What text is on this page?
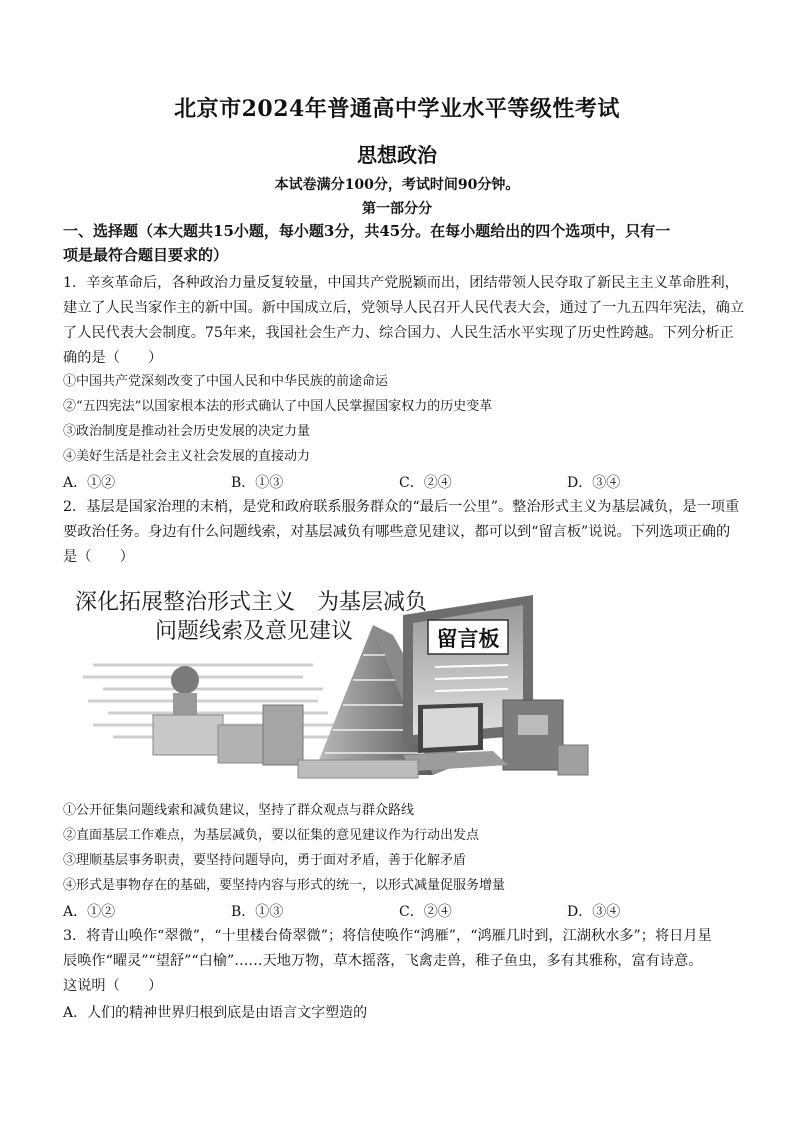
北京市2024年普通高中学业水平等级性考试
思想政治
本试卷满分100分，考试时间90分钟。
第一部分分
一、选择题（本大题共15小题，每小题3分，共45分。在每小题给出的四个选项中，只有一
项是最符合题目要求的）
1．辛亥革命后，各种政治力量反复较量，中国共产党脱颖而出，团结带领人民夺取了新民主主义革命胜利，
建立了人民当家作主的新中国。新中国成立后，党领导人民召开人民代表大会，通过了一九五四年宪法，确立
了人民代表大会制度。75年来，我国社会生产力、综合国力、人民生活水平实现了历史性跨越。下列分析正
确的是（　　）
①中国共产党深刻改变了中国人民和中华民族的前途命运
②“五四宪法”以国家根本法的形式确认了中国人民掌握国家权力的历史变革
③政治制度是推动社会历史发展的决定力量
④美好生活是社会主义社会发展的直接动力
A．①②	B．①③	C．②④	D．③④
2．基层是国家治理的末梢，是党和政府联系服务群众的“最后一公里”。整治形式主义为基层减负，是一项重
要政治任务。身边有什么问题线索，对基层减负有哪些意见建议，都可以到“留言板”说说。下列选项正确的
是（　　）
深化拓展整治形式主义　为基层减负
问题线索及意见建议	留言板
①公开征集问题线索和减负建议，坚持了群众观点与群众路线
②直面基层工作难点，为基层减负，要以征集的意见建议作为行动出发点
③理顺基层事务职责，要坚持问题导向，勇于面对矛盾，善于化解矛盾
④形式是事物存在的基础，要坚持内容与形式的统一，以形式减量促服务增量
A．①②	B．①③	C．②④	D．③④
3．将青山唤作“翠微”，“十里楼台倚翠微”；将信使唤作“鸿雁”，“鸿雁几时到，江湖秋水多”；将日月星
辰唤作“曜灵”“望舒”“白榆”……天地万物，草木摇落，飞禽走兽，稚子鱼虫，多有其雅称，富有诗意。
这说明（　　）
A．人们的精神世界归根到底是由语言文字塑造的
